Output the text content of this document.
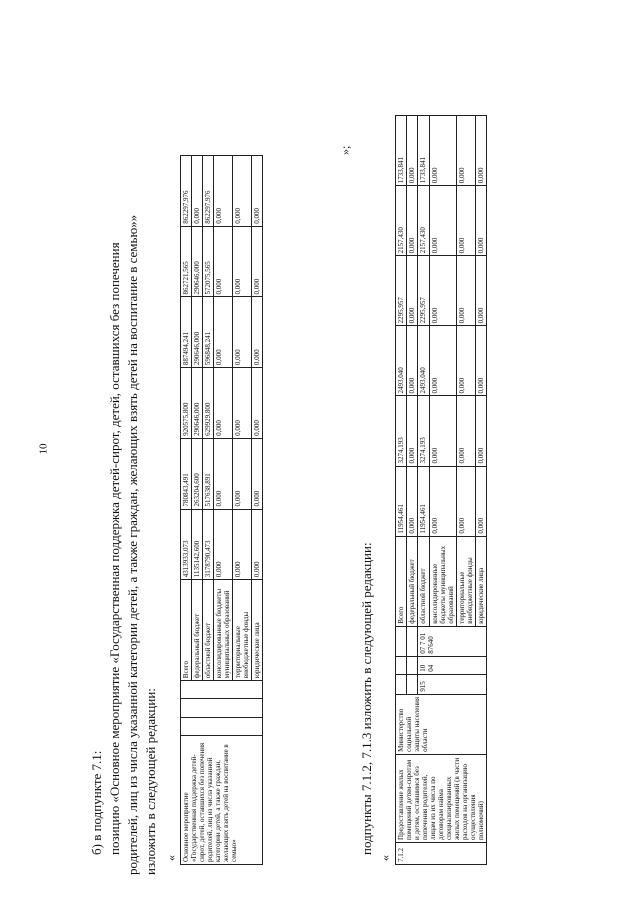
10
б) в подпункте 7.1: позицию «Основное мероприятие «Государственная поддержка детей-сирот, детей, оставшихся без попечения родителей, лиц из числа указанной категории детей, а также граждан, желающих взять детей на воспитание в семью»» изложить в следующей редакции: « Основное мероприятие «Государственная поддержка детей-сирот, детей, оставшихся без попечения родителей, лиц из числа указанной категории детей, а также граждан, желающих взять детей на воспитание в семью»				Всего	4313933,073	780843,491	920575,800	887494,241	862721,565	862297,976
				федеральный бюджет	1135142,600	263204,600	290646,000	290646,000	290646,000	0,000
				областной бюджет	3178790,473	517638,891	629929,800	596848,241	572075,565	862297,976
				консолидированные бюджеты муниципальных образований	0,000	0,000	0,000	0,000	0,000	0,000
				территориальные внебюджетные фонды	0,000	0,000	0,000	0,000	0,000	0,000
				юридические лица	0,000	0,000	0,000	0,000	0,000	0,000
»;
подпункты 7.1.2, 7.1.3 изложить в следующей редакции:
« 7.1.2	Предоставление жилых помещений детям-сиротам и детям, оставшимся без попечения родителей, лицам из их числа по договорам найма специализированных жилых помещений (в части расходов на организацию осуществления полномочий)	Министерство социальной защиты населения области				Всего	11954,461	3274,193	2493,040	2295,957	2157,430	1733,841
						федеральный бюджет	0,000	0,000	0,000	0,000	0,000	0,000
			915	10 04	07 7 01 87640	областной бюджет	11954,461	3274,193	2493,040	2295,957	2157,430	1733,841
						консолидированные бюджеты муниципальных образований	0,000	0,000	0,000	0,000	0,000	0,000
						территориальные внебюджетные фонды	0,000	0,000	0,000	0,000	0,000	0,000
						юридические лица	0,000	0,000	0,000	0,000	0,000	0,000
